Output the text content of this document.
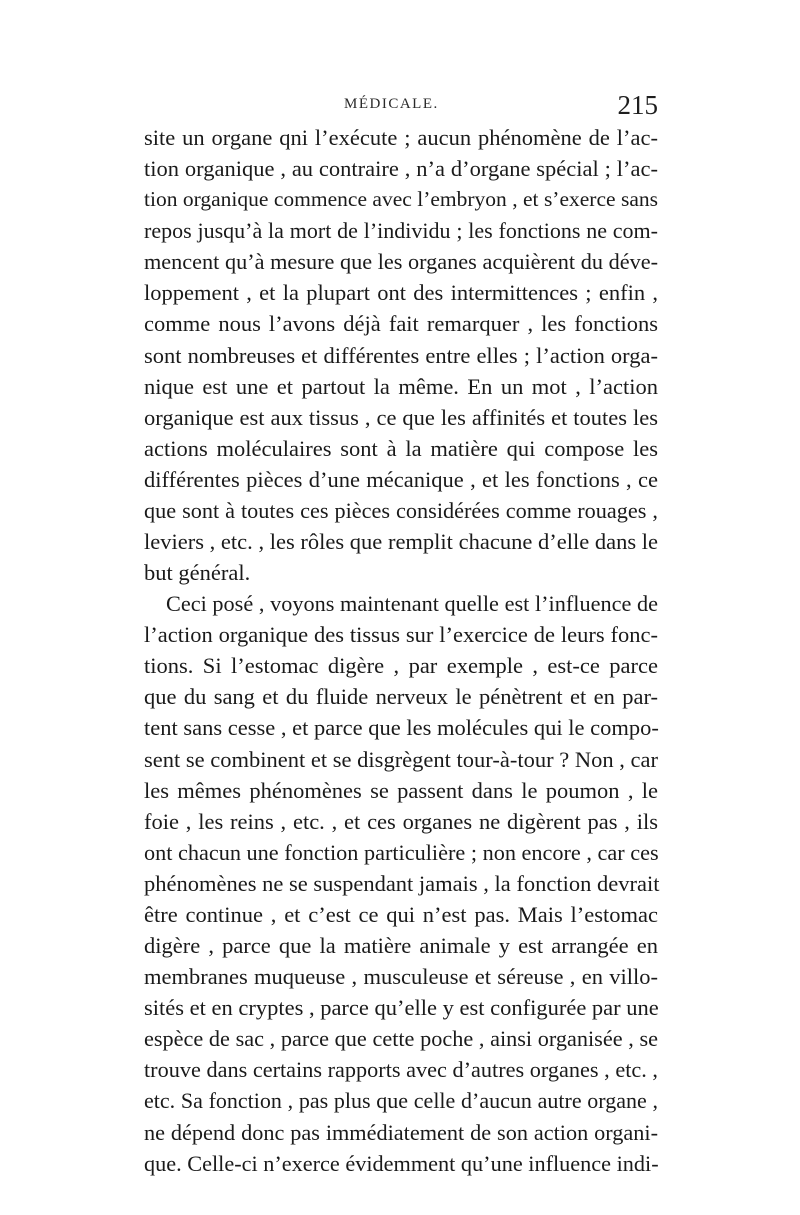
MÉDICALE.	215
site un organe qni l’exécute ; aucun phénomène de l’ac-
tion organique , au contraire , n’a d’organe spécial ; l’ac-
tion organique commence avec l’embryon , et s’exerce sans
repos jusqu’à la mort de l’individu ; les fonctions ne com-
mencent qu’à mesure que les organes acquièrent du déve-
loppement , et la plupart ont des intermittences ; enfin ,
comme nous l’avons déjà fait remarquer , les fonctions
sont nombreuses et différentes entre elles ; l’action orga-
nique est une et partout la même. En un mot , l’action
organique est aux tissus , ce que les affinités et toutes les
actions moléculaires sont à la matière qui compose les
différentes pièces d’une mécanique , et les fonctions , ce
que sont à toutes ces pièces considérées comme rouages ,
leviers , etc. , les rôles que remplit chacune d’elle dans le
but général.
Ceci posé , voyons maintenant quelle est l’influence de
l’action organique des tissus sur l’exercice de leurs fonc-
tions. Si l’estomac digère , par exemple , est-ce parce
que du sang et du fluide nerveux le pénètrent et en par-
tent sans cesse , et parce que les molécules qui le compo-
sent se combinent et se disgrègent tour-à-tour ? Non , car
les mêmes phénomènes se passent dans le poumon , le
foie , les reins , etc. , et ces organes ne digèrent pas , ils
ont chacun une fonction particulière ; non encore , car ces
phénomènes ne se suspendant jamais , la fonction devrait
être continue , et c’est ce qui n’est pas. Mais l’estomac
digère , parce que la matière animale y est arrangée en
membranes muqueuse , musculeuse et séreuse , en villo-
sités et en cryptes , parce qu’elle y est configurée par une
espèce de sac , parce que cette poche , ainsi organisée , se
trouve dans certains rapports avec d’autres organes , etc. ,
etc. Sa fonction , pas plus que celle d’aucun autre organe ,
ne dépend donc pas immédiatement de son action organi-
que. Celle-ci n’exerce évidemment qu’une influence indi-
